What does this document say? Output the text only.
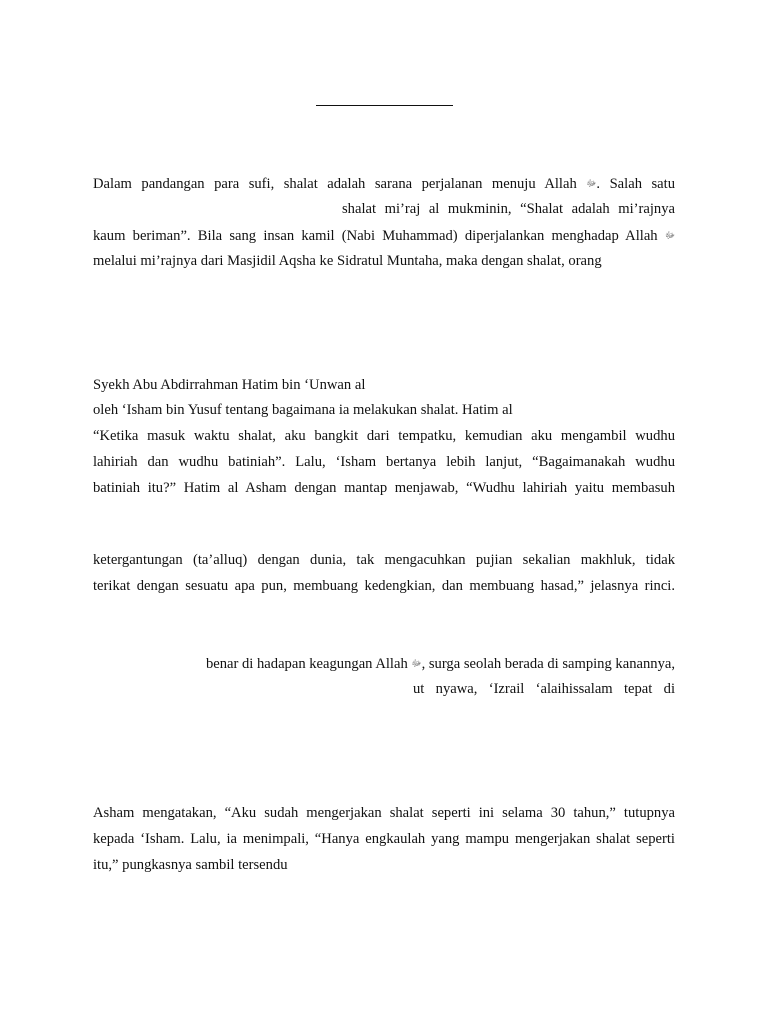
Dalam pandangan para sufi, shalat adalah sarana perjalanan menuju Allah ﷻ. Salah satu
shalat mi’raj al mukminin, “Shalat adalah mi’rajnya
kaum beriman”. Bila sang insan kamil (Nabi Muhammad) diperjalankan menghadap Allah ﷻ
melalui mi’rajnya dari Masjidil Aqsha ke Sidratul Muntaha, maka dengan shalat, orang
Syekh Abu Abdirrahman Hatim bin ‘Unwan al
oleh ‘Isham bin Yusuf tentang bagaimana ia melakukan shalat. Hatim al
“Ketika masuk waktu shalat, aku bangkit dari tempatku, kemudian aku mengambil wudhu
lahiriah dan wudhu batiniah”. Lalu, ‘Isham bertanya lebih lanjut, “Bagaimanakah wudhu
batiniah itu?” Hatim al Asham dengan mantap menjawab, “Wudhu lahiriah yaitu membasuh
ketergantungan (ta’alluq) dengan dunia, tak mengacuhkan pujian sekalian makhluk, tidak
terikat dengan sesuatu apa pun, membuang kedengkian, dan membuang hasad,” jelasnya rinci.
benar di hadapan keagungan Allah ﷻ, surga seolah berada di samping kanannya,
ut nyawa, ‘Izrail ‘alaihissalam tepat di
Asham mengatakan, “Aku sudah mengerjakan shalat seperti ini selama 30 tahun,” tutupnya
kepada ‘Isham. Lalu, ia menimpali, “Hanya engkaulah yang mampu mengerjakan shalat seperti
itu,” pungkasnya sambil tersendu
